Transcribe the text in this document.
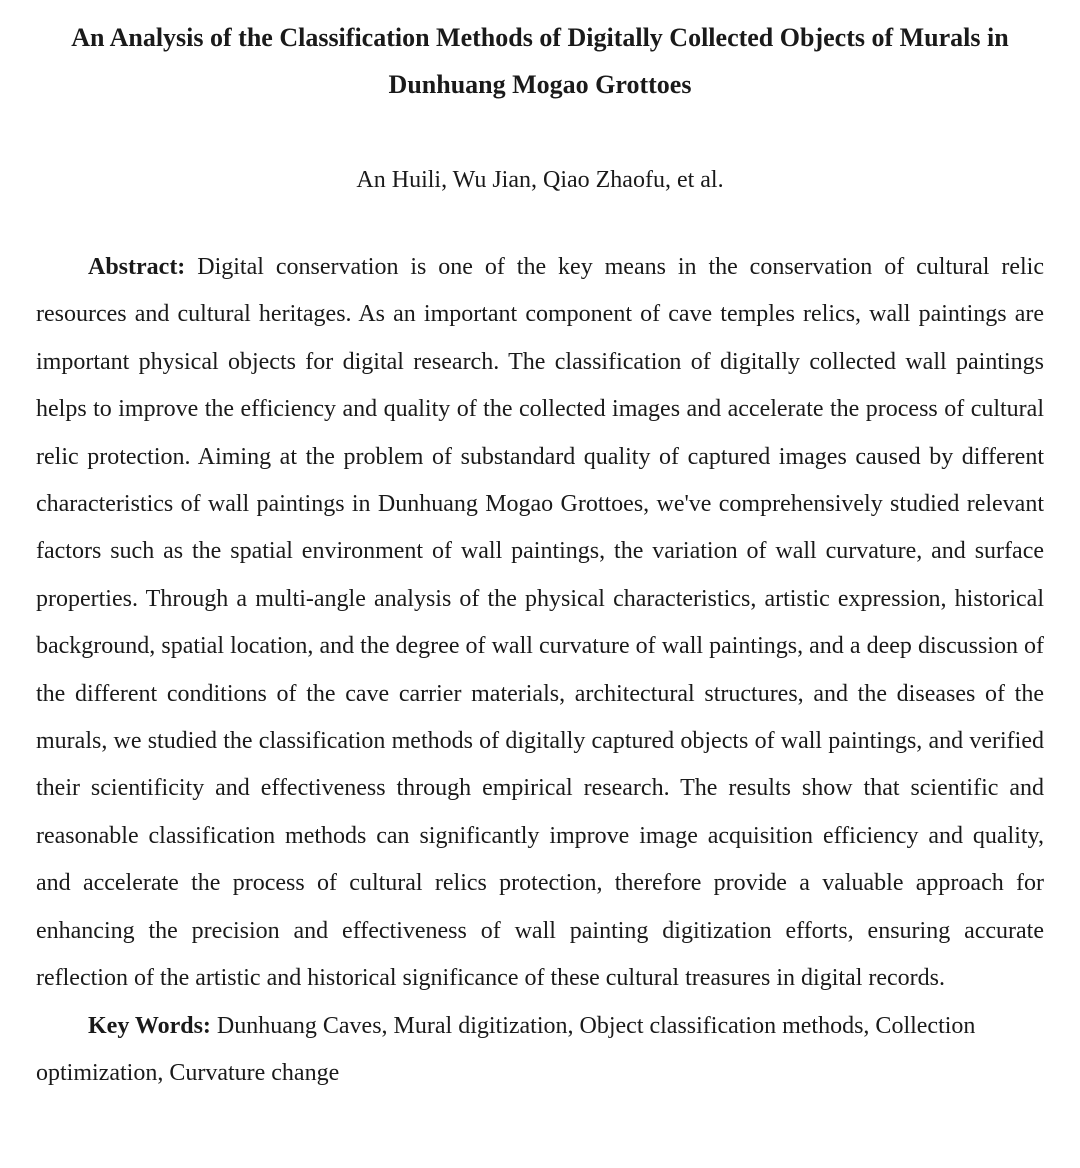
An Analysis of the Classification Methods of Digitally Collected Objects of Murals in Dunhuang Mogao Grottoes
An Huili, Wu Jian, Qiao Zhaofu, et al.

Abstract: Digital conservation is one of the key means in the conservation of cultural relic resources and cultural heritages. As an important component of cave temples relics, wall paintings are important physical objects for digital research. The classification of digitally collected wall paintings helps to improve the efficiency and quality of the collected images and accelerate the process of cultural relic protection. Aiming at the problem of substandard quality of captured images caused by different characteristics of wall paintings in Dunhuang Mogao Grottoes, we've comprehensively studied relevant factors such as the spatial environment of wall paintings, the variation of wall curvature, and surface properties. Through a multi-angle analysis of the physical characteristics, artistic expression, historical background, spatial location, and the degree of wall curvature of wall paintings, and a deep discussion of the different conditions of the cave carrier materials, architectural structures, and the diseases of the murals, we studied the classification methods of digitally captured objects of wall paintings, and verified their scientificity and effectiveness through empirical research. The results show that scientific and reasonable classification methods can significantly improve image acquisition efficiency and quality, and accelerate the process of cultural relics protection, therefore provide a valuable approach for enhancing the precision and effectiveness of wall painting digitization efforts, ensuring accurate reflection of the artistic and historical significance of these cultural treasures in digital records.

Key Words: Dunhuang Caves, Mural digitization, Object classification methods, Collection optimization, Curvature change
